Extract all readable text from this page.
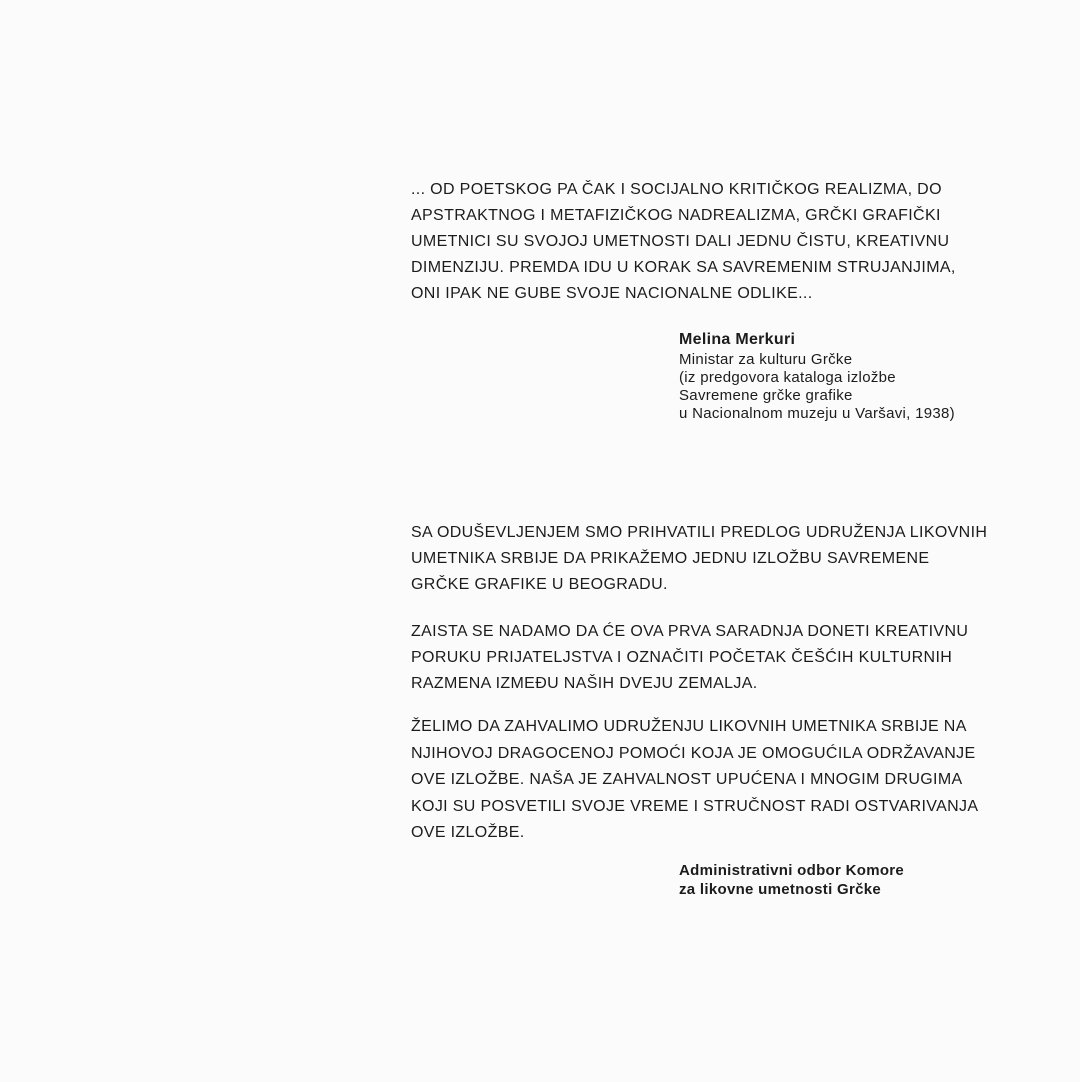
... OD POETSKOG PA ČAK I SOCIJALNO KRITIČKOG REALIZMA, DO
APSTRAKTNOG I METAFIZIČKOG NADREALIZMA, GRČKI GRAFIČKI
UMETNICI SU SVOJOJ UMETNOSTI DALI JEDNU ČISTU, KREATIVNU
DIMENZIJU. PREMDA IDU U KORAK SA SAVREMENIM STRUJANJIMA,
ONI IPAK NE GUBE SVOJE NACIONALNE ODLIKE...
Melina Merkuri
Ministar za kulturu Grčke
(iz predgovora kataloga izložbe
Savremene grčke grafike
u Nacionalnom muzeju u Varšavi, 1938)
SA ODUŠEVLJENJEM SMO PRIHVATILI PREDLOG UDRUŽENJA LIKOVNIH
UMETNIKA SRBIJE DA PRIKAŽEMO JEDNU IZLOŽBU SAVREMENE
GRČKE GRAFIKE U BEOGRADU.
ZAISTA SE NADAMO DA ĆE OVA PRVA SARADNJA DONETI KREATIVNU
PORUKU PRIJATELJSTVA I OZNAČITI POČETAK ČEŠĆIH KULTURNIH
RAZMENA IZMEĐU NAŠIH DVEJU ZEMALJA.
ŽELIMO DA ZAHVALIMO UDRUŽENJU LIKOVNIH UMETNIKA SRBIJE NA
NJIHOVOJ DRAGOCENOJ POMOĆI KOJA JE OMOGUĆILA ODRŽAVANJE
OVE IZLOŽBE. NAŠA JE ZAHVALNOST UPUĆENA I MNOGIM DRUGIMA
KOJI SU POSVETILI SVOJE VREME I STRUČNOST RADI OSTVARIVANJA
OVE IZLOŽBE.
Administrativni odbor Komore
za likovne umetnosti Grčke
